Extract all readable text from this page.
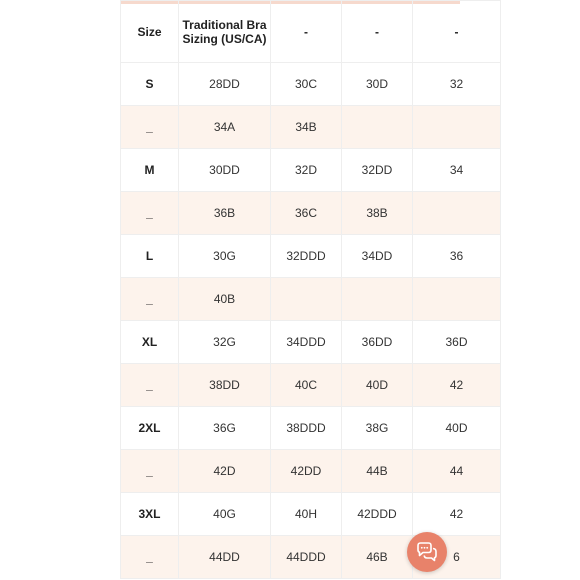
Size	Traditional Bra Sizing (US/CA)	-	-	-
S	28DD	30C	30D	32
_	34A	34B		
M	30DD	32D	32DD	34
_	36B	36C	38B	
L	30G	32DDD	34DD	36
_	40B			
XL	32G	34DDD	36DD	36D
_	38DD	40C	40D	42
2XL	36G	38DDD	38G	40D
_	42D	42DD	44B	44
3XL	40G	40H	42DDD	42
_	44DD	44DDD	46B	6
